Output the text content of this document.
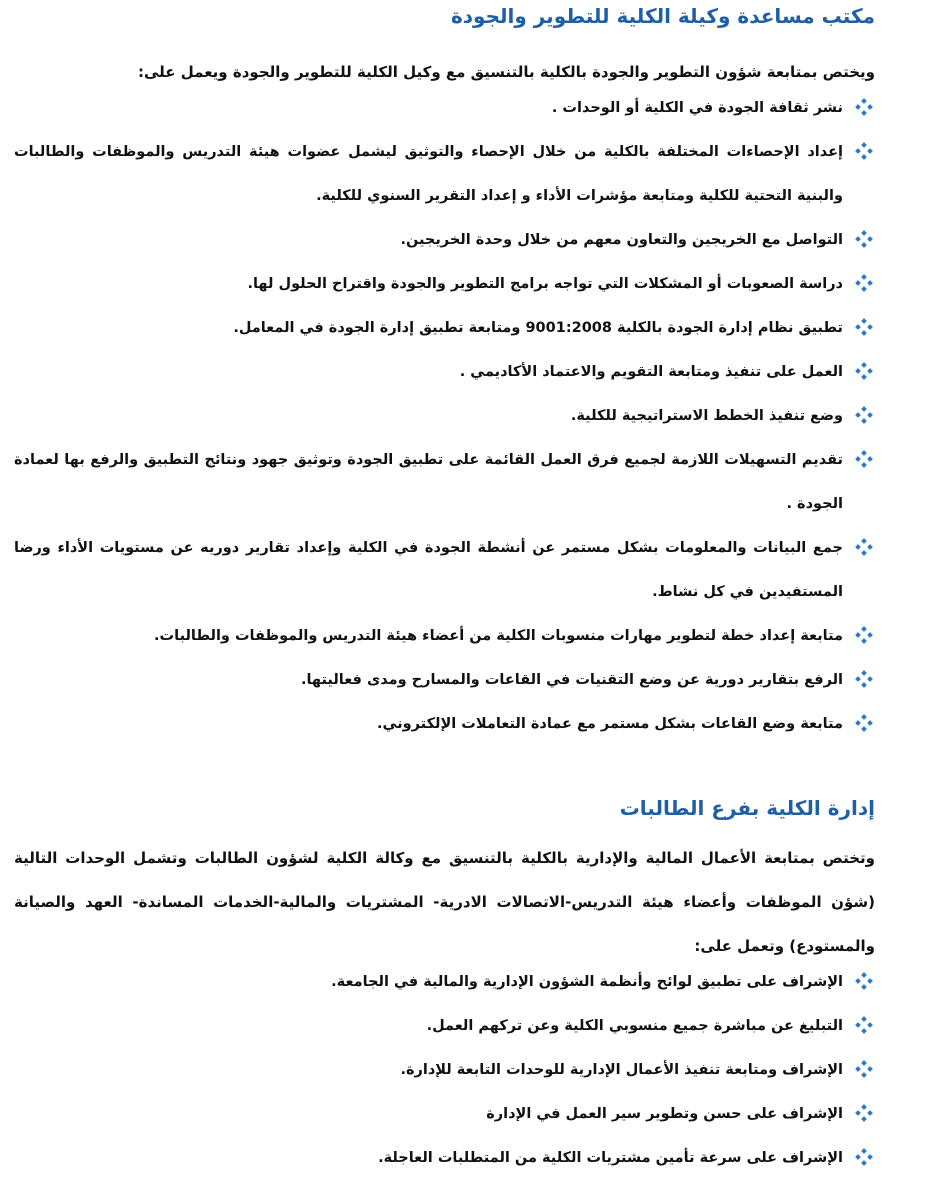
مكتب مساعدة وكيلة الكلية للتطوير والجودة

ويختص بمتابعة شؤون التطوير والجودة بالكلية بالتنسيق مع وكيل الكلية للتطوير والجودة ويعمل على:

نشر ثقافة الجودة في الكلية أو الوحدات .
إعداد الإحصاءات المختلفة بالكلية من خلال الإحصاء والتوثيق ليشمل عضوات هيئة التدريس والموظفات والطالبات والبنية التحتية للكلية ومتابعة مؤشرات الأداء و إعداد التقرير السنوي للكلية.
التواصل مع الخريجين والتعاون معهم من خلال وحدة الخريجين.
دراسة الصعوبات أو المشكلات التي تواجه برامج التطوير والجودة واقتراح الحلول لها.
تطبيق نظام إدارة الجودة بالكلية 9001:2008 ومتابعة تطبيق إدارة الجودة في المعامل.
العمل على تنفيذ ومتابعة التقويم والاعتماد الأكاديمي .
وضع تنفيذ الخطط الاستراتيجية للكلية.
تقديم التسهيلات اللازمة لجميع فرق العمل القائمة على تطبيق الجودة وتوثيق جهود ونتائج التطبيق والرفع بها لعمادة الجودة .
جمع البيانات والمعلومات بشكل مستمر عن أنشطة الجودة في الكلية وإعداد تقارير دوريه عن مستويات الأداء ورضا المستفيدين في كل نشاط.
متابعة إعداد خطة لتطوير مهارات منسوبات الكلية من أعضاء هيئة التدريس والموظفات والطالبات.
الرفع بتقارير دورية عن وضع التقنيات في القاعات والمسارح ومدى فعاليتها.
متابعة وضع القاعات بشكل مستمر مع عمادة التعاملات الإلكتروني.
إدارة الكلية بفرع الطالبات

وتختص بمتابعة الأعمال المالية والإدارية بالكلية بالتنسيق مع وكالة الكلية لشؤون الطالبات وتشمل الوحدات التالية (شؤن الموظفات وأعضاء هيئة التدريس-الاتصالات الادرية- المشتريات والمالية-الخدمات المساندة- العهد والصيانة والمستودع) وتعمل على:

الإشراف على تطبيق لوائح وأنظمة الشؤون الإدارية والمالية في الجامعة.
التبليغ عن مباشرة جميع منسوبي الكلية وعن تركهم العمل.
الإشراف ومتابعة تنفيذ الأعمال الإدارية للوحدات التابعة للإدارة.
الإشراف على حسن وتطوير سير العمل في الإدارة
الإشراف على سرعة تأمين مشتريات الكلية من المتطلبات العاجلة.
